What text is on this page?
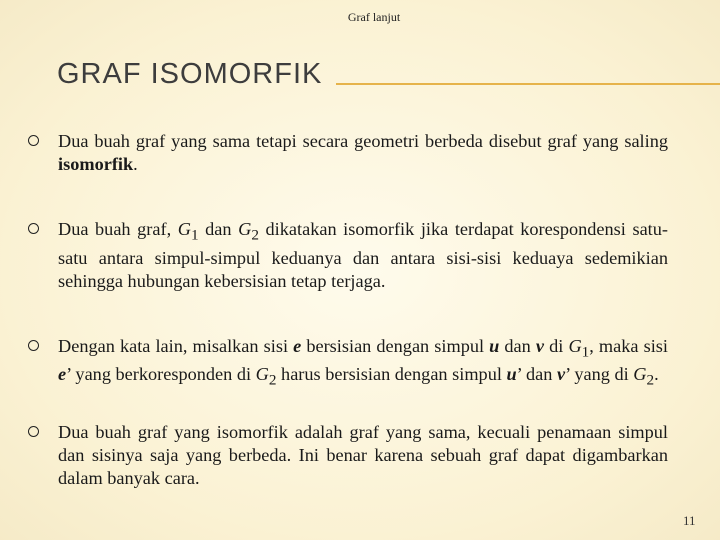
Graf lanjut
GRAF ISOMORFIK
Dua buah graf yang sama tetapi secara geometri berbeda disebut graf yang saling isomorfik.
Dua buah graf, $G_1$ dan $G_2$ dikatakan isomorfik jika terdapat korespondensi satu-satu antara simpul-simpul keduanya dan antara sisi-sisi keduaya sedemikian sehingga hubungan kebersisian tetap terjaga.
Dengan kata lain, misalkan sisi e bersisian dengan simpul u dan v di $G_1$, maka sisi e’ yang berkoresponden di $G_2$ harus bersisian dengan simpul u’ dan v’ yang di $G_2$.
Dua buah graf yang isomorfik adalah graf yang sama, kecuali penamaan simpul dan sisinya saja yang berbeda. Ini benar karena sebuah graf dapat digambarkan dalam banyak cara.
11
